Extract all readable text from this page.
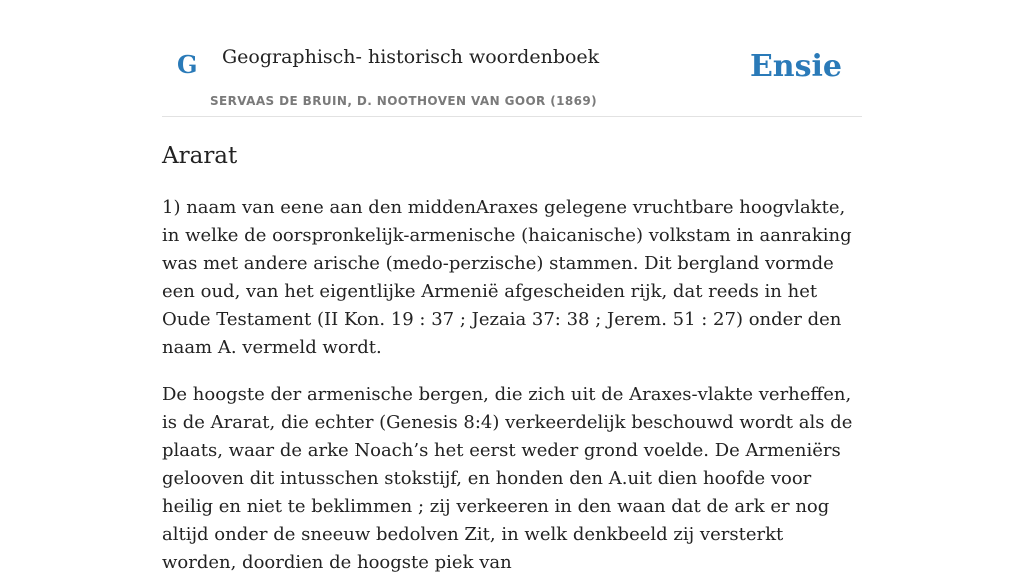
G Geographisch- historisch woordenboek
SERVAAS DE BRUIN, D. NOOTHOVEN VAN GOOR (1869)
Ensie
Ararat

1) naam van eene aan den middenAraxes gelegene vruchtbare hoogvlakte, in welke de oorspronkelijk-armenische (haicanische) volkstam in aanraking was met andere arische (medo-perzische) stammen. Dit bergland vormde een oud, van het eigentlijke Armenië afgescheiden rijk, dat reeds in het Oude Testament (II Kon. 19 : 37 ; Jezaia 37: 38 ; Jerem. 51 : 27) onder den naam A. vermeld wordt.

De hoogste der armenische bergen, die zich uit de Araxes-vlakte verheffen, is de Ararat, die echter (Genesis 8:4) verkeerdelijk beschouwd wordt als de plaats, waar de arke Noach’s het eerst weder grond voelde. De Armeniërs gelooven dit intusschen stokstijf, en honden den A.uit dien hoofde voor heilig en niet te beklimmen ; zij verkeeren in den waan dat de ark er nog altijd onder de sneeuw bedolven Zit, in welk denkbeeld zij versterkt worden, doordien de hoogste piek van
